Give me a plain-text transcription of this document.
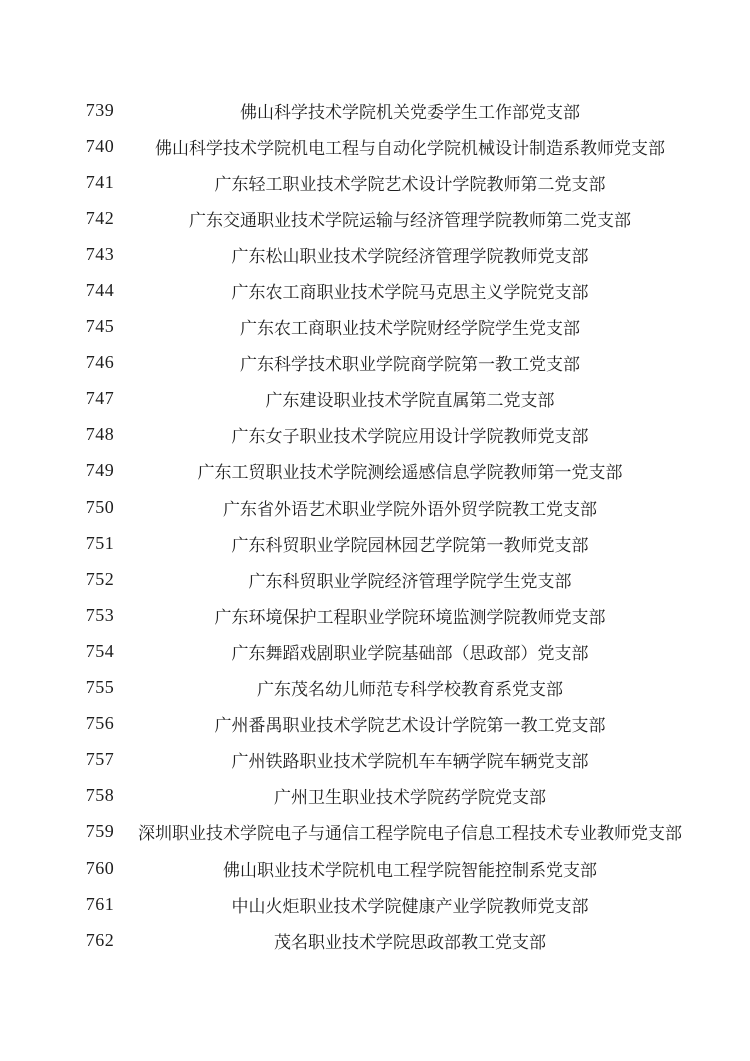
739	佛山科学技术学院机关党委学生工作部党支部
740	佛山科学技术学院机电工程与自动化学院机械设计制造系教师党支部
741	广东轻工职业技术学院艺术设计学院教师第二党支部
742	广东交通职业技术学院运输与经济管理学院教师第二党支部
743	广东松山职业技术学院经济管理学院教师党支部
744	广东农工商职业技术学院马克思主义学院党支部
745	广东农工商职业技术学院财经学院学生党支部
746	广东科学技术职业学院商学院第一教工党支部
747	广东建设职业技术学院直属第二党支部
748	广东女子职业技术学院应用设计学院教师党支部
749	广东工贸职业技术学院测绘遥感信息学院教师第一党支部
750	广东省外语艺术职业学院外语外贸学院教工党支部
751	广东科贸职业学院园林园艺学院第一教师党支部
752	广东科贸职业学院经济管理学院学生党支部
753	广东环境保护工程职业学院环境监测学院教师党支部
754	广东舞蹈戏剧职业学院基础部（思政部）党支部
755	广东茂名幼儿师范专科学校教育系党支部
756	广州番禺职业技术学院艺术设计学院第一教工党支部
757	广州铁路职业技术学院机车车辆学院车辆党支部
758	广州卫生职业技术学院药学院党支部
759	深圳职业技术学院电子与通信工程学院电子信息工程技术专业教师党支部
760	佛山职业技术学院机电工程学院智能控制系党支部
761	中山火炬职业技术学院健康产业学院教师党支部
762	茂名职业技术学院思政部教工党支部
